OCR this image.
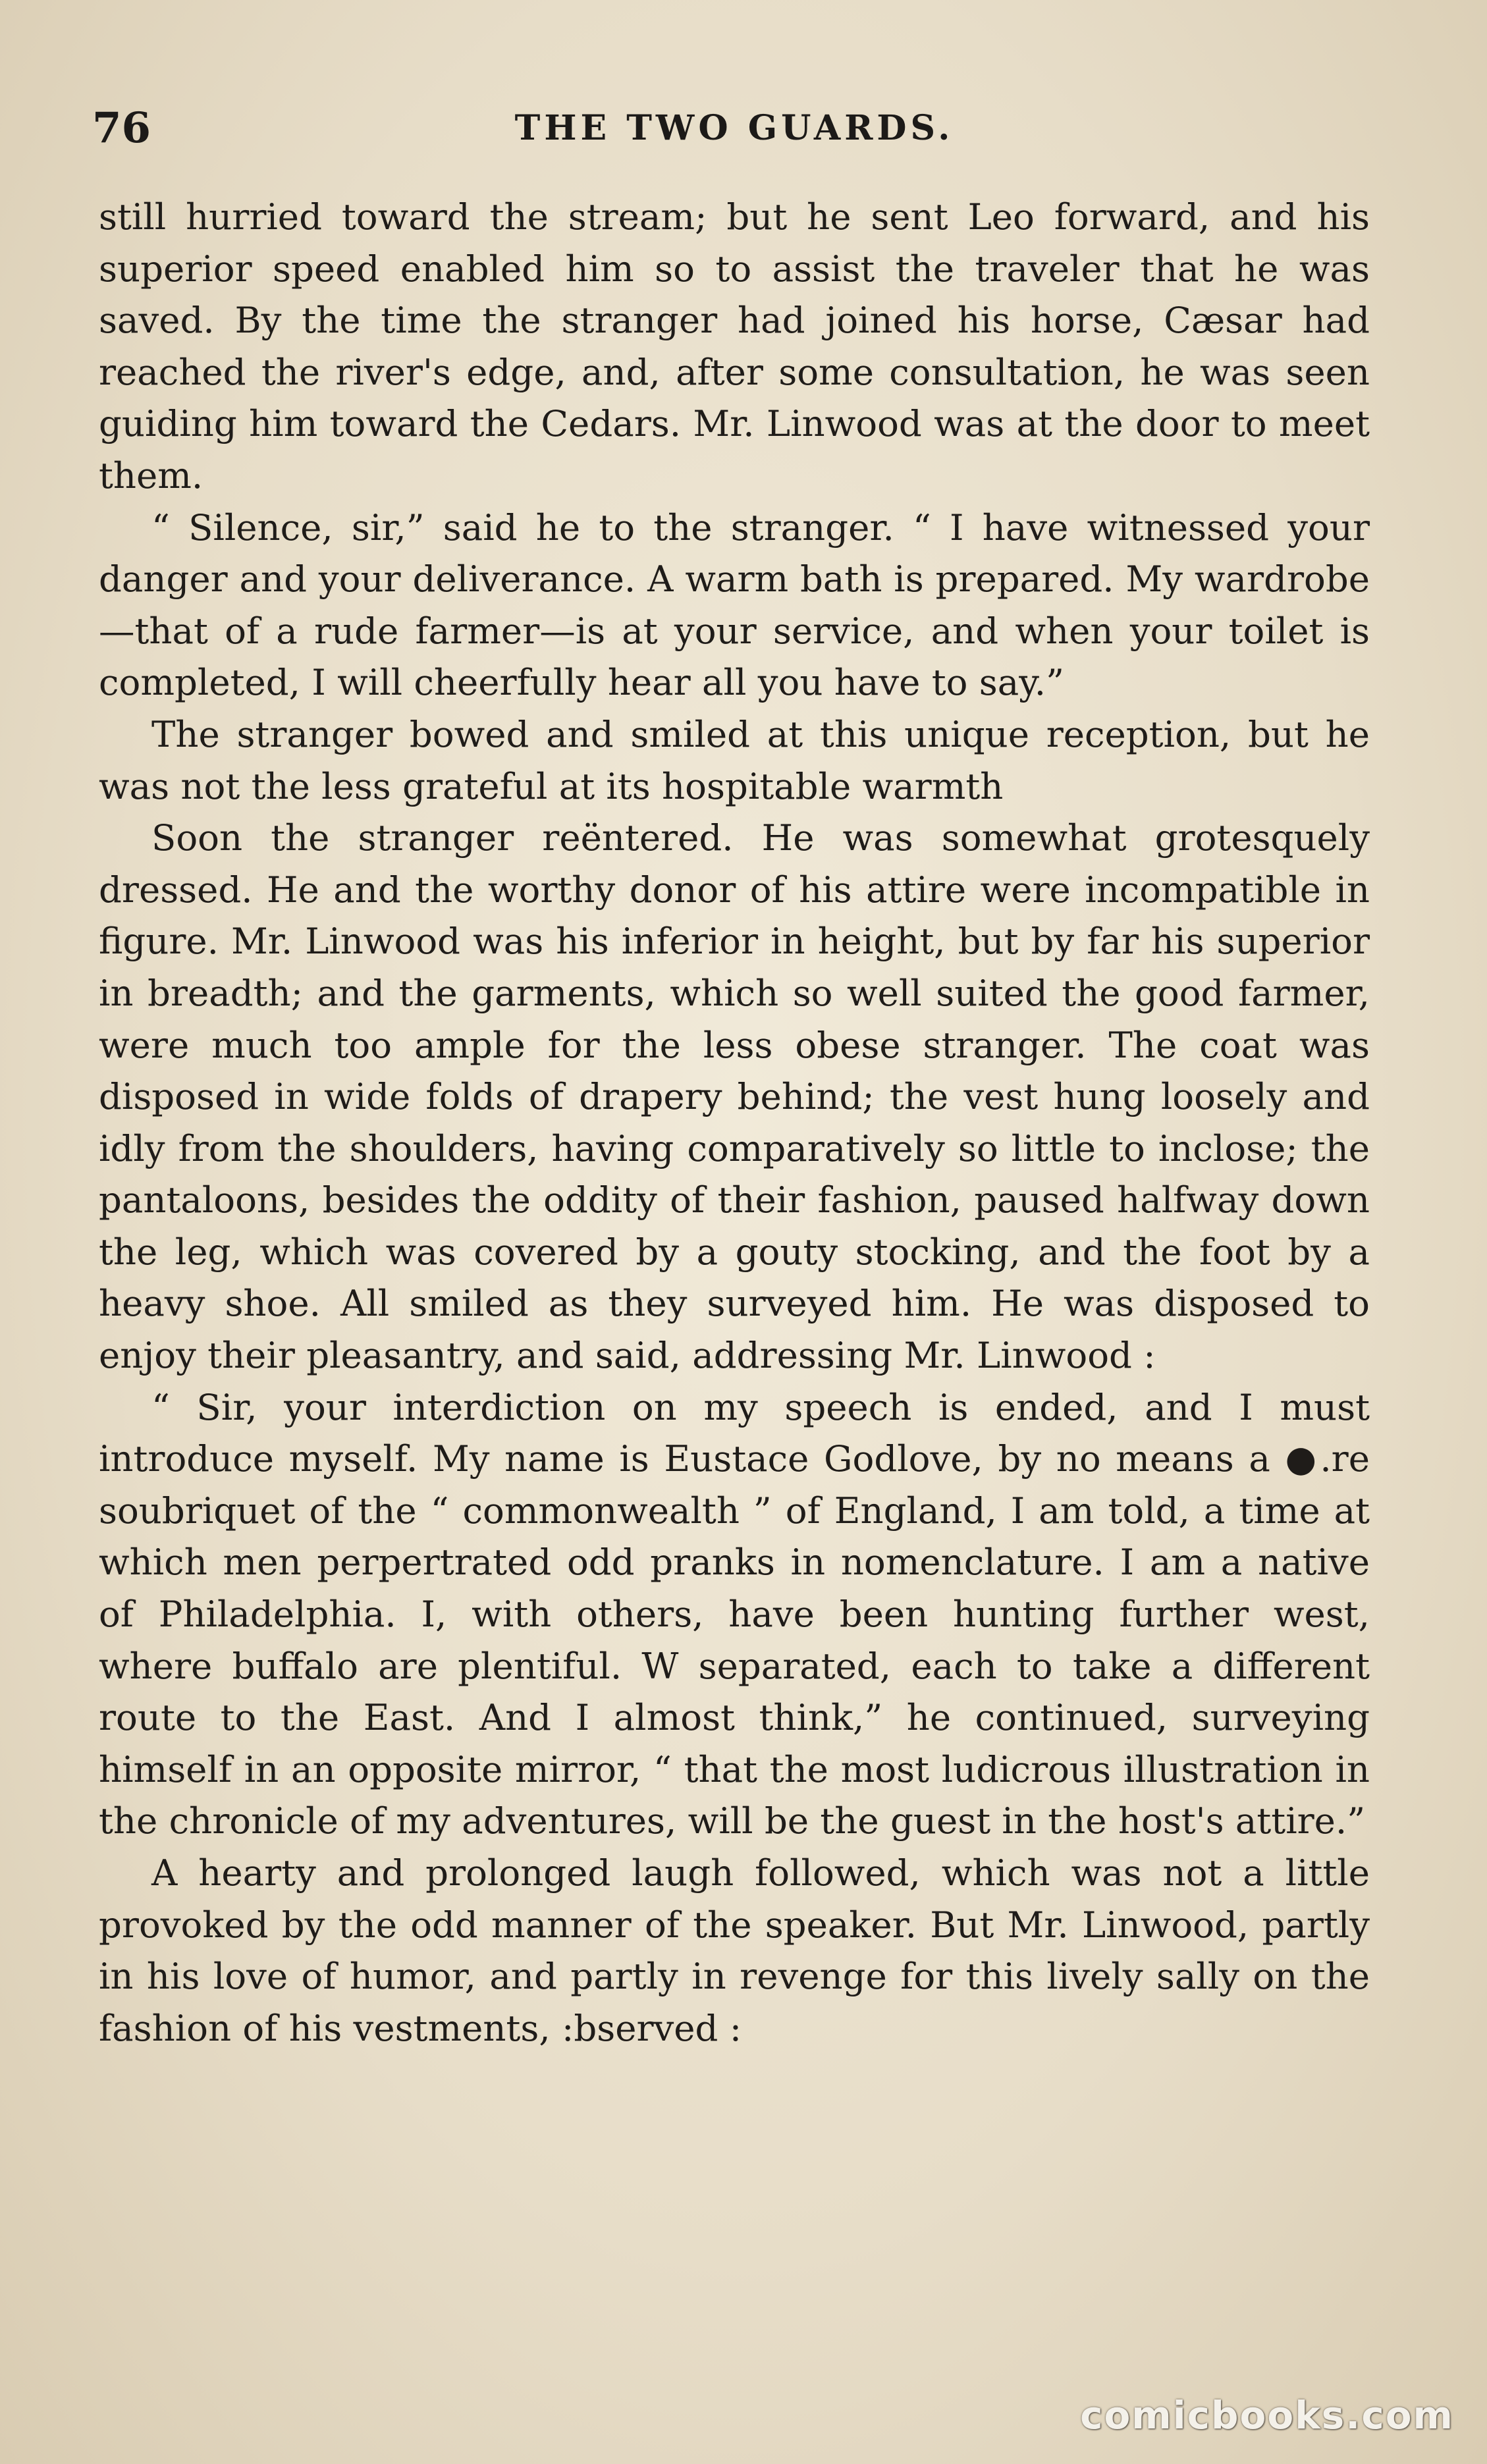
76	THE TWO GUARDS.

still hurried toward the stream; but he sent Leo forward, and his superior speed enabled him so to assist the traveler that he was saved. By the time the stranger had joined his horse, Cæsar had reached the river's edge, and, after some consultation, he was seen guiding him toward the Cedars. Mr. Linwood was at the door to meet them.

“ Silence, sir,” said he to the stranger. “ I have witnessed your danger and your deliverance. A warm bath is prepared. My wardrobe—that of a rude farmer—is at your service, and when your toilet is completed, I will cheerfully hear all you have to say.”

The stranger bowed and smiled at this unique reception, but he was not the less grateful at its hospitable warmth

Soon the stranger reëntered. He was somewhat grotesquely dressed. He and the worthy donor of his attire were incompatible in figure. Mr. Linwood was his inferior in height, but by far his superior in breadth; and the garments, which so well suited the good farmer, were much too ample for the less obese stranger. The coat was disposed in wide folds of drapery behind; the vest hung loosely and idly from the shoulders, having comparatively so little to inclose; the pantaloons, besides the oddity of their fashion, paused halfway down the leg, which was covered by a gouty stocking, and the foot by a heavy shoe. All smiled as they surveyed him. He was disposed to enjoy their pleasantry, and said, addressing Mr. Linwood :

“ Sir, your interdiction on my speech is ended, and I must introduce myself. My name is Eustace Godlove, by no means a ●.re soubriquet of the “ commonwealth ” of England, I am told, a time at which men perpertrated odd pranks in nomenclature. I am a native of Philadelphia. I, with others, have been hunting further west, where buffalo are plentiful. W separated, each to take a different route to the East. And I almost think,” he continued, surveying himself in an opposite mirror, “ that the most ludicrous illustration in the chronicle of my adventures, will be the guest in the host's attire.”

A hearty and prolonged laugh followed, which was not a little provoked by the odd manner of the speaker. But Mr. Linwood, partly in his love of humor, and partly in revenge for this lively sally on the fashion of his vestments, :bserved :

comicbooks.com
